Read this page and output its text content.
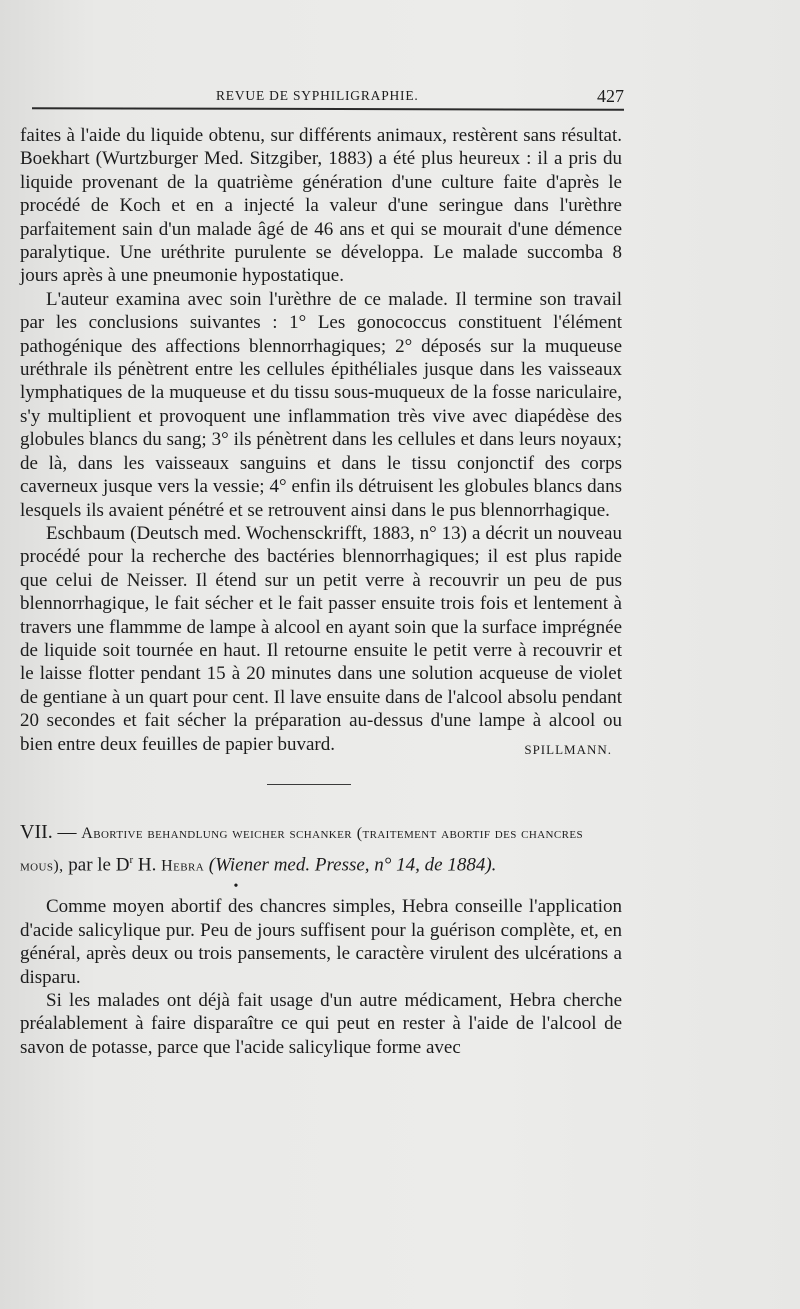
REVUE DE SYPHILIGRAPHIE.	427

faites à l'aide du liquide obtenu, sur différents animaux, restèrent sans résultat. Boekhart (Wurtzburger Med. Sitzgiber, 1883) a été plus heureux : il a pris du liquide provenant de la quatrième génération d'une culture faite d'après le procédé de Koch et en a injecté la valeur d'une seringue dans l'urèthre parfaitement sain d'un malade âgé de 46 ans et qui se mourait d'une démence paralytique. Une uréthrite purulente se développa. Le malade succomba 8 jours après à une pneumonie hypostatique.

L'auteur examina avec soin l'urèthre de ce malade. Il termine son travail par les conclusions suivantes : 1° Les gonococcus constituent l'élément pathogénique des affections blennorrhagiques; 2° déposés sur la muqueuse uréthrale ils pénètrent entre les cellules épithéliales jusque dans les vaisseaux lymphatiques de la muqueuse et du tissu sous-muqueux de la fosse nariculaire, s'y multiplient et provoquent une inflammation très vive avec diapédèse des globules blancs du sang; 3° ils pénètrent dans les cellules et dans leurs noyaux; de là, dans les vaisseaux sanguins et dans le tissu conjonctif des corps caverneux jusque vers la vessie; 4° enfin ils détruisent les globules blancs dans lesquels ils avaient pénétré et se retrouvent ainsi dans le pus blennorrhagique.

Eschbaum (Deutsch med. Wochensckrifft, 1883, n° 13) a décrit un nouveau procédé pour la recherche des bactéries blennorrhagiques; il est plus rapide que celui de Neisser. Il étend sur un petit verre à recouvrir un peu de pus blennorrhagique, le fait sécher et le fait passer ensuite trois fois et lentement à travers une flammme de lampe à alcool en ayant soin que la surface imprégnée de liquide soit tournée en haut. Il retourne ensuite le petit verre à recouvrir et le laisse flotter pendant 15 à 20 minutes dans une solution acqueuse de violet de gentiane à un quart pour cent. Il lave ensuite dans de l'alcool absolu pendant 20 secondes et fait sécher la préparation au-dessus d'une lampe à alcool ou bien entre deux feuilles de papier buvard.	SPILLMANN.

VII. — Abortive behandlung weicher schanker (traitement abortif des chancres mous), par le $D^r$ H. Hebra (Wiener med. Presse, n° 14, de 1884).
•

Comme moyen abortif des chancres simples, Hebra conseille l'application d'acide salicylique pur. Peu de jours suffisent pour la guérison complète, et, en général, après deux ou trois pansements, le caractère virulent des ulcérations a disparu.

Si les malades ont déjà fait usage d'un autre médicament, Hebra cherche préalablement à faire disparaître ce qui peut en rester à l'aide de l'alcool de savon de potasse, parce que l'acide salicylique forme avec
